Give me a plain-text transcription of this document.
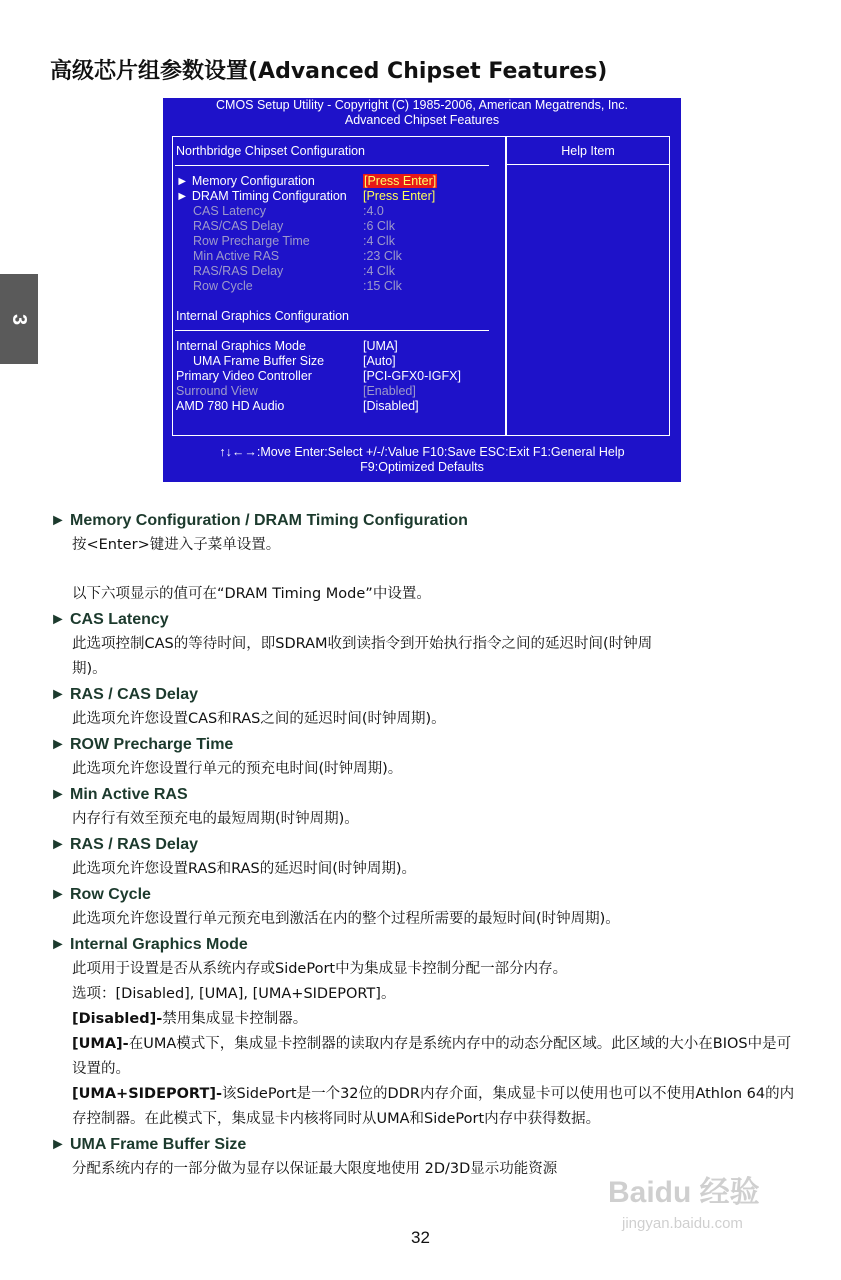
高级芯片组参数设置(Advanced Chipset Features)
3
CMOS Setup Utility - Copyright (C) 1985-2006, American Megatrends, Inc.
Advanced Chipset Features
Northbridge Chipset Configuration	Help Item
► Memory Configuration	[Press Enter]
► DRAM Timing Configuration [Press Enter]
CAS Latency	:4.0
RAS/CAS Delay	:6 Clk
Row Precharge Time	:4 Clk
Min Active RAS	:23 Clk
RAS/RAS Delay	:4 Clk
Row Cycle	:15 Clk
Internal Graphics Configuration
Internal Graphics Mode	[UMA]
UMA Frame Buffer Size	[Auto]
Primary Video Controller	[PCI-GFX0-IGFX]
Surround View	[Enabled]
AMD 780 HD Audio	[Disabled]
↑↓←→:Move Enter:Select +/-/:Value F10:Save ESC:Exit F1:General Help
F9:Optimized Defaults
► Memory Configuration / DRAM Timing Configuration
按<Enter>键进入子菜单设置。
以下六项显示的值可在“DRAM Timing Mode”中设置。
► CAS Latency
此选项控制CAS的等待时间，即SDRAM收到读指令到开始执行指令之间的延迟时间(时钟周
期)。
► RAS / CAS Delay
此选项允许您设置CAS和RAS之间的延迟时间(时钟周期)。
► ROW Precharge Time
此选项允许您设置行单元的预充电时间(时钟周期)。
► Min Active RAS
内存行有效至预充电的最短周期(时钟周期)。
► RAS / RAS Delay
此选项允许您设置RAS和RAS的延迟时间(时钟周期)。
► Row Cycle
此选项允许您设置行单元预充电到激活在内的整个过程所需要的最短时间(时钟周期)。
► Internal Graphics Mode
此项用于设置是否从系统内存或SidePort中为集成显卡控制分配一部分内存。
选项：[Disabled], [UMA], [UMA+SIDEPORT]。
[Disabled]-禁用集成显卡控制器。
[UMA]-在UMA模式下，集成显卡控制器的读取内存是系统内存中的动态分配区域。此区域的大小在BIOS中是可设置的。
[UMA+SIDEPORT]-该SidePort是一个32位的DDR内存介面，集成显卡可以使用也可以不使用Athlon 64的内存控制器。在此模式下，集成显卡内核将同时从UMA和SidePort内存中获得数据。
► UMA Frame Buffer Size
分配系统内存的一部分做为显存以保证最大限度地使用 2D/3D显示功能资源
32
Baidu 经验
jingyan.baidu.com
